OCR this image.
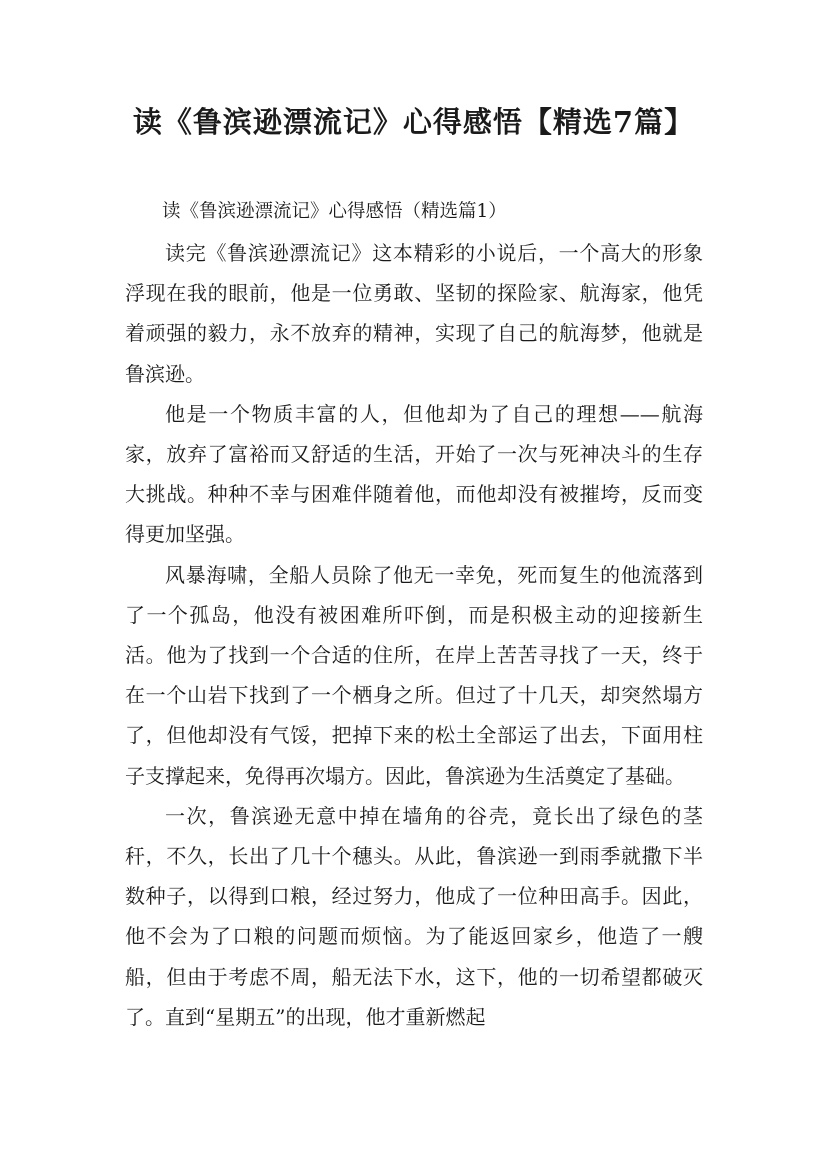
读《鲁滨逊漂流记》心得感悟【精选7篇】

读《鲁滨逊漂流记》心得感悟（精选篇1）

读完《鲁滨逊漂流记》这本精彩的小说后，一个高大的形象浮现在我的眼前，他是一位勇敢、坚韧的探险家、航海家，他凭着顽强的毅力，永不放弃的精神，实现了自己的航海梦，他就是鲁滨逊。

他是一个物质丰富的人，但他却为了自己的理想——航海家，放弃了富裕而又舒适的生活，开始了一次与死神决斗的生存大挑战。种种不幸与困难伴随着他，而他却没有被摧垮，反而变得更加坚强。

风暴海啸，全船人员除了他无一幸免，死而复生的他流落到了一个孤岛，他没有被困难所吓倒，而是积极主动的迎接新生活。他为了找到一个合适的住所，在岸上苦苦寻找了一天，终于在一个山岩下找到了一个栖身之所。但过了十几天，却突然塌方了，但他却没有气馁，把掉下来的松土全部运了出去，下面用柱子支撑起来，免得再次塌方。因此，鲁滨逊为生活奠定了基础。

一次，鲁滨逊无意中掉在墙角的谷壳，竟长出了绿色的茎秆，不久，长出了几十个穗头。从此，鲁滨逊一到雨季就撒下半数种子，以得到口粮，经过努力，他成了一位种田高手。因此，他不会为了口粮的问题而烦恼。为了能返回家乡，他造了一艘船，但由于考虑不周，船无法下水，这下，他的一切希望都破灭了。直到“星期五”的出现，他才重新燃起
